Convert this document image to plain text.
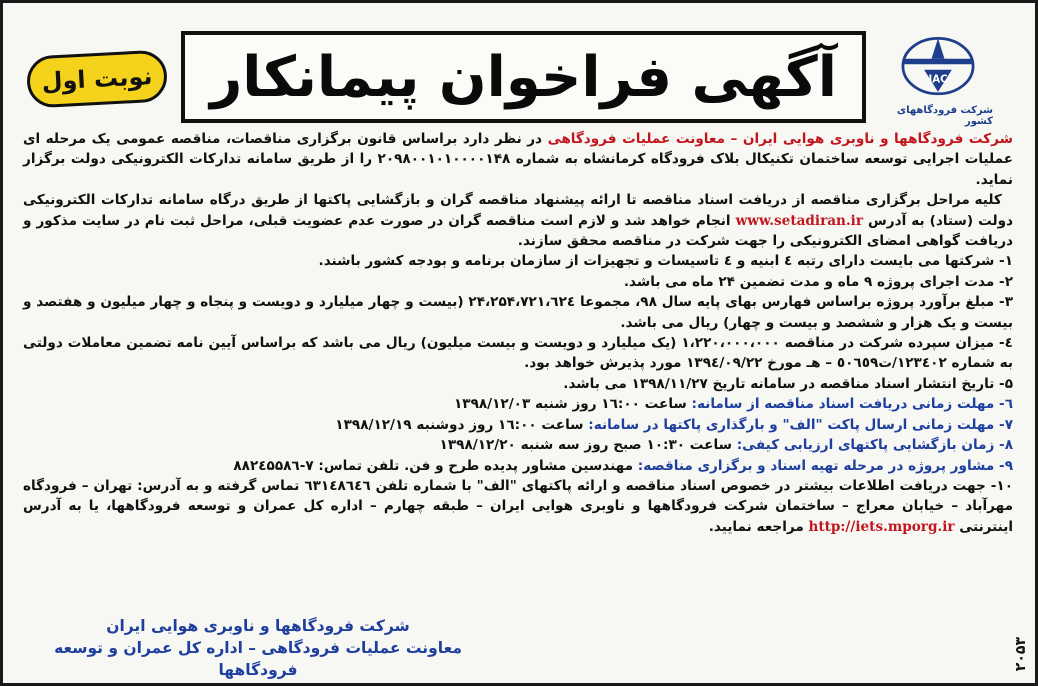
نوبت اول آگهی فراخوان پیمانکار	IAC
شرکت فرودگاههای کشور

شرکت فرودگاهها و ناوبری هوایی ایران – معاونت عملیات فرودگاهی در نظر دارد براساس قانون برگزاری مناقصات، مناقصه عمومی یک مرحله ای عملیات اجرایی توسعه ساختمان تکنیکال بلاک فرودگاه کرمانشاه به شماره ۲۰۹۸۰۰۱۰۱۰۰۰۰۱۴۸ را از طریق سامانه تدارکات الکترونیکی دولت برگزار نماید.

کلیه مراحل برگزاری مناقصه از دریافت اسناد مناقصه تا ارائه پیشنهاد مناقصه گران و بازگشایی پاکتها از طریق درگاه سامانه تدارکات الکترونیکی دولت (ستاد) به آدرس www.setadiran.ir انجام خواهد شد و لازم است مناقصه گران در صورت عدم عضویت قبلی، مراحل ثبت نام در سایت مذکور و دریافت گواهی امضای الکترونیکی را جهت شرکت در مناقصه محقق سازند.

۱- شرکتها می بایست دارای رتبه ٤ ابنیه و ٤ تاسیسات و تجهیزات از سازمان برنامه و بودجه کشور باشند.

۲- مدت اجرای پروژه ۹ ماه و مدت تضمین ۲۴ ماه می باشد.

۳- مبلغ برآورد پروژه براساس فهارس بهای پایه سال ۹۸، مجموعا ۲۴،۲۵۴،۷۲۱،٦۲٤ (بیست و چهار میلیارد و دویست و پنجاه و چهار میلیون و هفتصد و بیست و یک هزار و ششصد و بیست و چهار) ریال می باشد.

٤- میزان سپرده شرکت در مناقصه ۱،۲۲۰،۰۰۰،۰۰۰ (یک میلیارد و دویست و بیست میلیون) ریال می باشد که براساس آیین نامه تضمین معاملات دولتی به شماره ۱۲۳٤۰۲/ت٥۰٦٥۹ – هـ مورخ ۱۳۹٤/۰۹/۲۲ مورد پذیرش خواهد بود.

۵- تاریخ انتشار اسناد مناقصه در سامانه تاریخ ۱۳۹۸/۱۱/۲۷ می باشد.

٦- مهلت زمانی دریافت اسناد مناقصه از سامانه: ساعت ۱٦:۰۰ روز شنبه ۱۳۹۸/۱۲/۰۳

۷- مهلت زمانی ارسال پاکت "الف" و بارگذاری پاکتها در سامانه: ساعت ۱٦:۰۰ روز دوشنبه ۱۳۹۸/۱۲/۱۹

۸- زمان بازگشایی پاکتهای ارزیابی کیفی: ساعت ۱۰:۳۰ صبح روز سه شنبه ۱۳۹۸/۱۲/۲۰

۹- مشاور پروژه در مرحله تهیه اسناد و برگزاری مناقصه: مهندسین مشاور پدیده طرح و فن. تلفن تماس: ۷-۸۸۲٤۵۵۸٦

۱۰- جهت دریافت اطلاعات بیشتر در خصوص اسناد مناقصه و ارائه پاکتهای "الف" با شماره تلفن ٦۳۱٤۸٦٤٦ تماس گرفته و به آدرس: تهران – فرودگاه مهرآباد – خیابان معراج – ساختمان شرکت فرودگاهها و ناوبری هوایی ایران – طبقه چهارم – اداره کل عمران و توسعه فرودگاهها، یا به آدرس اینترنتی http://iets.mporg.ir مراجعه نمایید.

شرکت فرودگاهها و ناوبری هوایی ایران
معاونت عملیات فرودگاهی – اداره کل عمران و توسعه فرودگاهها	۲۰۵۳
